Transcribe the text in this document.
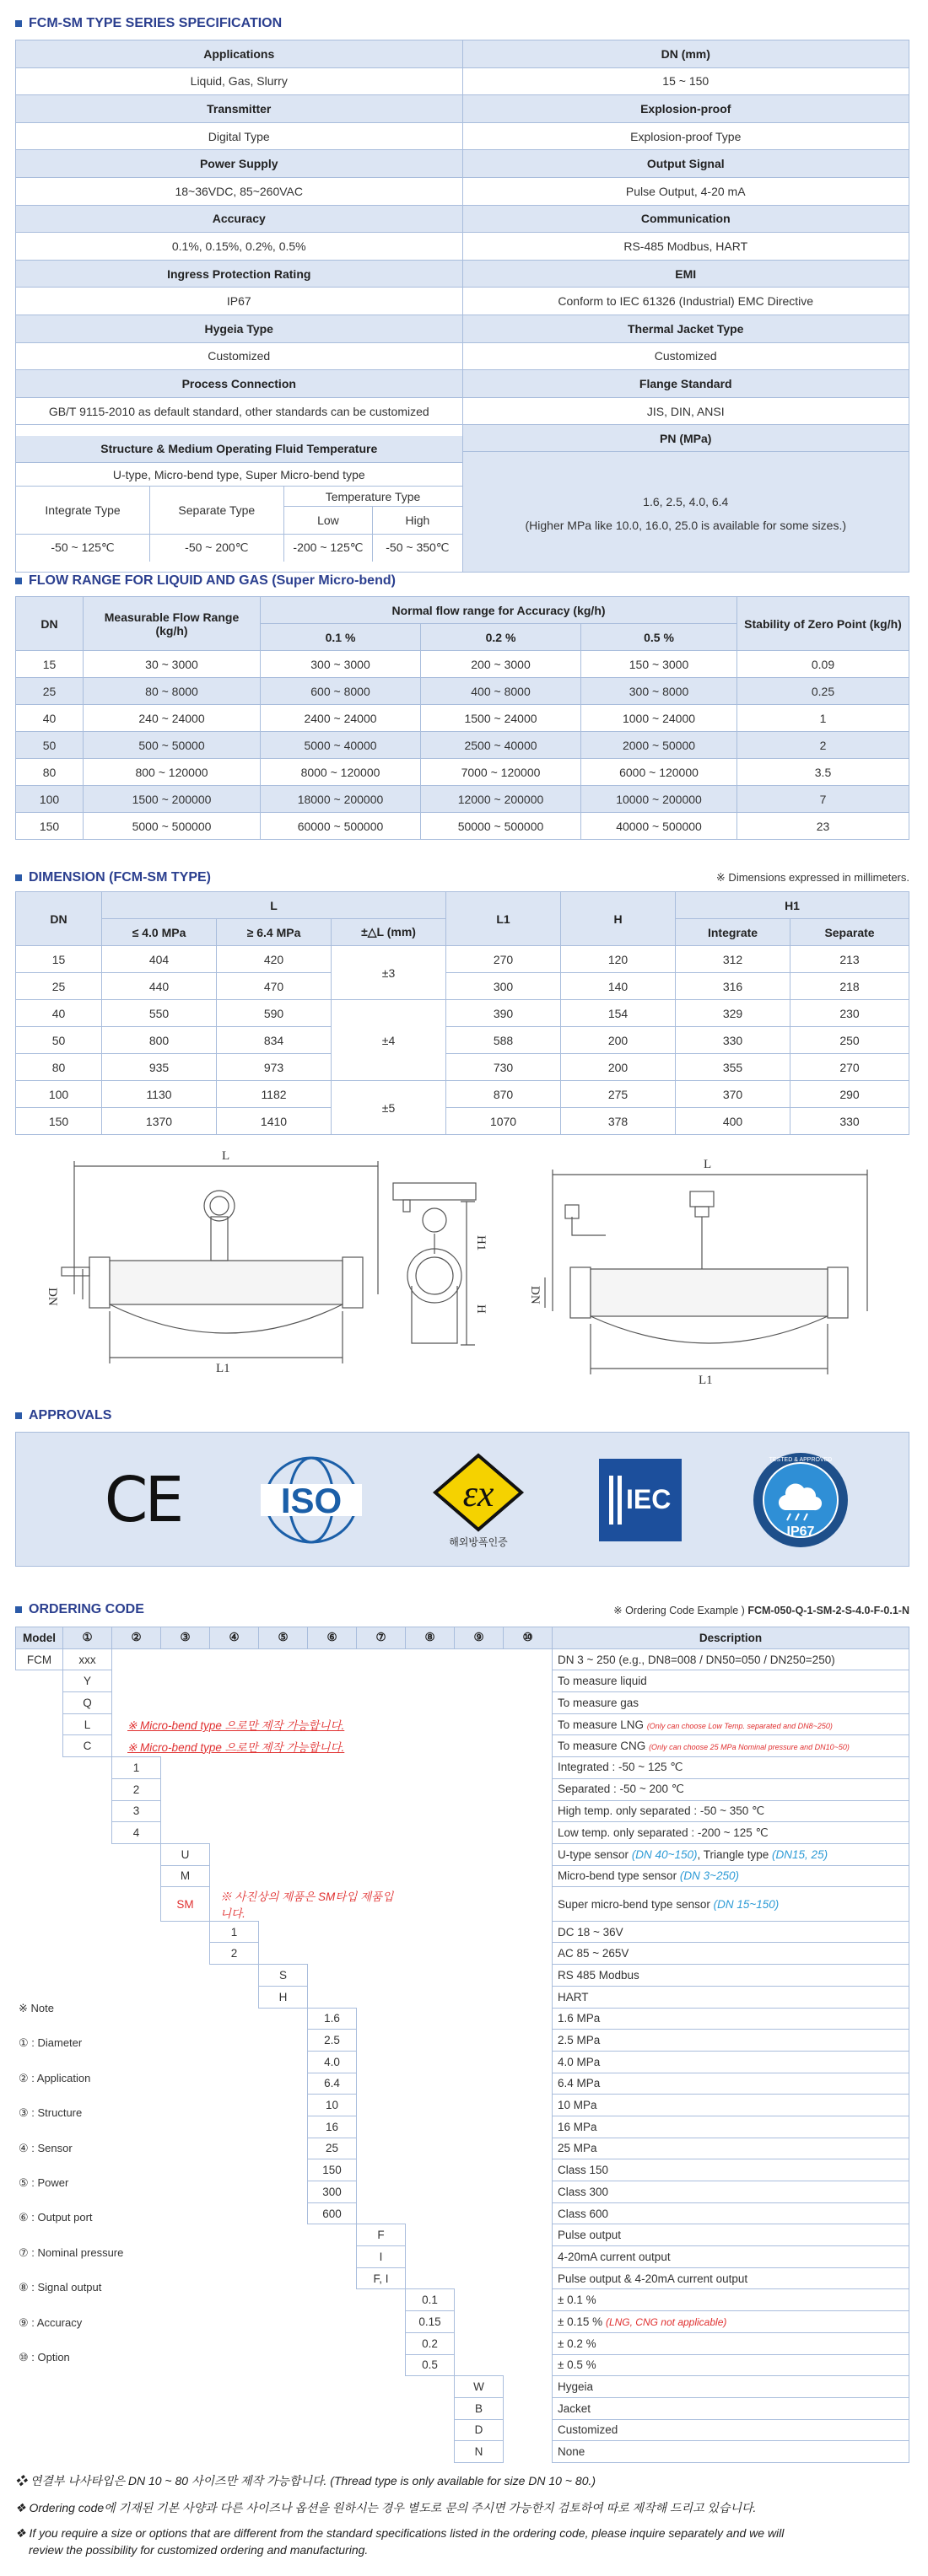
FCM-SM TYPE SERIES SPECIFICATION
Applications	DN (mm)
Liquid, Gas, Slurry	15 ~ 150
Transmitter	Explosion-proof
Digital Type	Explosion-proof Type
Power Supply	Output Signal
18~36VDC, 85~260VAC	Pulse Output, 4-20 mA
Accuracy	Communication
0.1%, 0.15%, 0.2%, 0.5%	RS-485 Modbus, HART
Ingress Protection Rating	EMI
IP67	Conform to IEC 61326 (Industrial) EMC Directive
Hygeia Type	Thermal Jacket Type
Customized	Customized
Process Connection	Flange Standard
GB/T 9115-2010 as default standard, other standards can be customized	JIS, DIN, ANSI

Structure & Medium Operating Fluid Temperature
U-type, Micro-bend type, Super Micro-bend type
Integrate Type	Separate Type	Temperature Type
Low	High
-50 ~ 125℃	-50 ~ 200℃	-200 ~ 125℃	-50 ~ 350℃

PN (MPa)
1.6, 2.5, 4.0, 6.4
(Higher MPa like 10.0, 16.0, 25.0 is available for some sizes.)
FLOW RANGE FOR LIQUID AND GAS (Super Micro-bend)
DN	Measurable Flow Range (kg/h)	Normal flow range for Accuracy (kg/h)			Stability of Zero Point (kg/h)
		0.1 %	0.2 %	0.5 %	
15	30 ~ 3000	300 ~ 3000	200 ~ 3000	150 ~ 3000	0.09
25	80 ~ 8000	600 ~ 8000	400 ~ 8000	300 ~ 8000	0.25
40	240 ~ 24000	2400 ~ 24000	1500 ~ 24000	1000 ~ 24000	1
50	500 ~ 50000	5000 ~ 40000	2500 ~ 40000	2000 ~ 50000	2
80	800 ~ 120000	8000 ~ 120000	7000 ~ 120000	6000 ~ 120000	3.5
100	1500 ~ 200000	18000 ~ 200000	12000 ~ 200000	10000 ~ 200000	7
150	5000 ~ 500000	60000 ~ 500000	50000 ~ 500000	40000 ~ 500000	23
DIMENSION (FCM-SM TYPE)	※ Dimensions expressed in millimeters.
DN	L			L1	H	H1	
	≤ 4.0 MPa	≥ 6.4 MPa	±△L (mm)			Integrate	Separate
15	404	420	±3	270	120	312	213
25	440	470		300	140	316	218
40	550	590	±4	390	154	329	230
50	800	834		588	200	330	250
80	935	973		730	200	355	270
100	1130	1182	±5	870	275	370	290
150	1370	1410		1070	378	400	330
L
L1
DN
H1
H
L
L1
DN
APPROVALS
CE	ISO	εx
해외방폭인증
IEC
IP67
TESTED & APPROVED
ORDERING CODE	※ Ordering Code Example ) FCM-050-Q-1-SM-2-S-4.0-F-0.1-N
Model	①	②	③	④	⑤	⑥	⑦	⑧	⑨	⑩	Description
FCM	xxx										DN 3 ~ 250 (e.g., DN8=008 / DN50=050 / DN250=250)
	Y										To measure liquid
	Q										To measure gas
	L	※ Micro-bend type 으로만 제작 가능합니다.									To measure LNG (Only can choose Low Temp. separated and DN8~250)
	C	※ Micro-bend type 으로만 제작 가능합니다.									To measure CNG (Only can choose 25 MPa Nominal pressure and DN10~50)
		1									Integrated : -50 ~ 125 ℃
		2									Separated : -50 ~ 200 ℃
		3									High temp. only separated : -50 ~ 350 ℃
		4									Low temp. only separated : -200 ~ 125 ℃
			U								U-type sensor (DN 40~150), Triangle type (DN15, 25)
			M								Micro-bend type sensor (DN 3~250)
			SM	※ 사진상의 제품은 SM타입 제품입니다.							Super micro-bend type sensor (DN 15~150)
				1							DC 18 ~ 36V
				2							AC 85 ~ 265V
					S						RS 485 Modbus
					H						HART
						1.6					1.6 MPa
						2.5					2.5 MPa
						4.0					4.0 MPa
						6.4					6.4 MPa
						10					10 MPa
						16					16 MPa
						25					25 MPa
						150					Class 150
						300					Class 300
						600					Class 600
							F				Pulse output
							I				4-20mA current output
							F, I				Pulse output & 4-20mA current output
								0.1			± 0.1 %
								0.15			± 0.15 % (LNG, CNG not applicable)
								0.2			± 0.2 %
								0.5			± 0.5 %
									W		Hygeia
									B		Jacket
									D		Customized
									N		None
※ Note
① : Diameter
② : Application
③ : Structure
④ : Sensor
⑤ : Power
⑥ : Output port
⑦ : Nominal pressure
⑧ : Signal output
⑨ : Accuracy
⑩ : Option
❖ 연결부 나사타입은 DN 10 ~ 80 사이즈만 제작 가능합니다. (Thread type is only available for size DN 10 ~ 80.)
❖ Ordering code에 기재된 기본 사양과 다른 사이즈나 옵션을 원하시는 경우 별도로 문의 주시면 가능한지 검토하여 따로 제작해 드리고 있습니다.
❖ If you require a size or options that are different from the standard specifications listed in the ordering code, please inquire separately and we will
review the possibility for customized ordering and manufacturing.
